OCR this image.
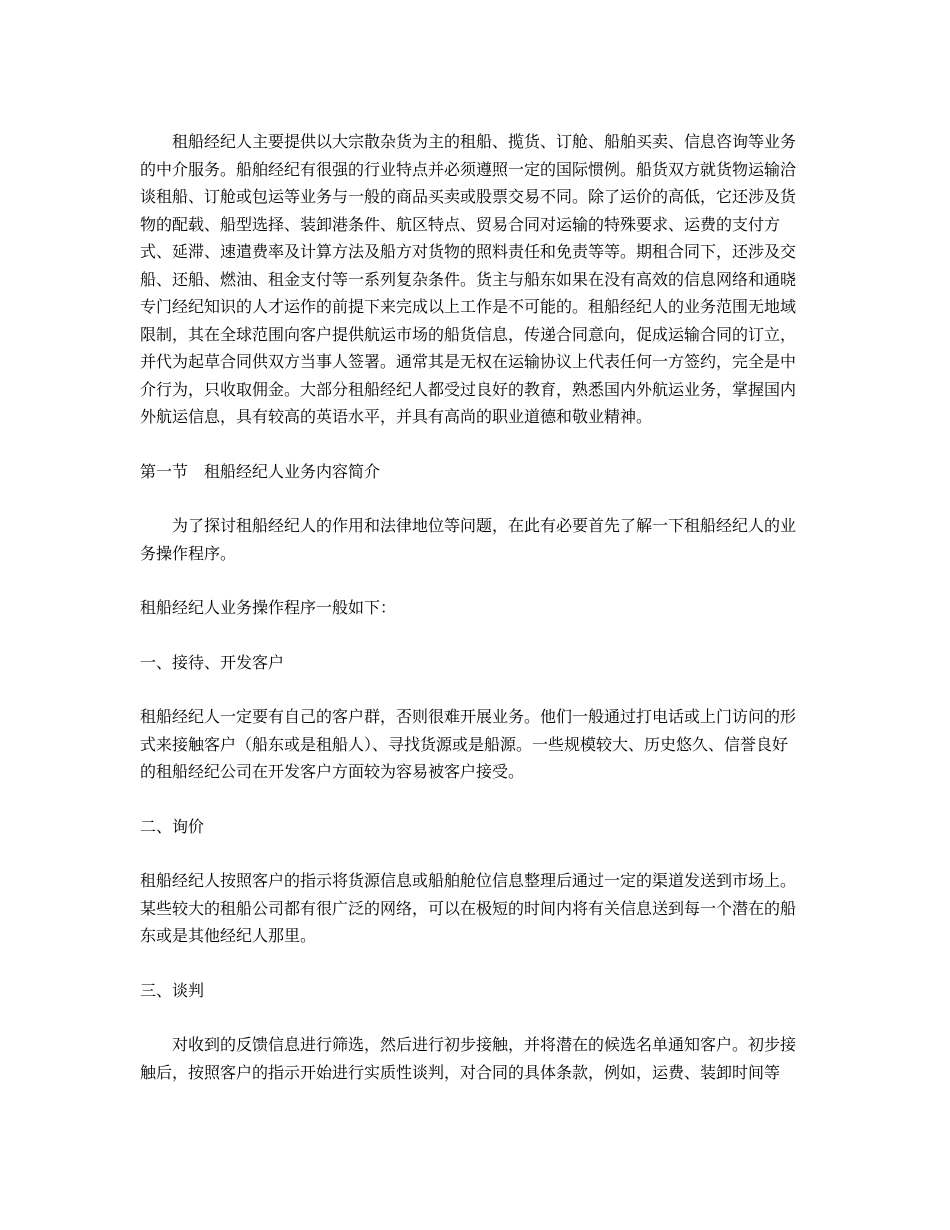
租船经纪人主要提供以大宗散杂货为主的租船、揽货、订舱、船舶买卖、信息咨询等业务
的中介服务。船舶经纪有很强的行业特点并必须遵照一定的国际惯例。船货双方就货物运输洽
谈租船、订舱或包运等业务与一般的商品买卖或股票交易不同。除了运价的高低，它还涉及货
物的配载、船型选择、装卸港条件、航区特点、贸易合同对运输的特殊要求、运费的支付方
式、延滞、速遣费率及计算方法及船方对货物的照料责任和免责等等。期租合同下，还涉及交
船、还船、燃油、租金支付等一系列复杂条件。货主与船东如果在没有高效的信息网络和通晓
专门经纪知识的人才运作的前提下来完成以上工作是不可能的。租船经纪人的业务范围无地域
限制，其在全球范围向客户提供航运市场的船货信息，传递合同意向，促成运输合同的订立，
并代为起草合同供双方当事人签署。通常其是无权在运输协议上代表任何一方签约，完全是中
介行为，只收取佣金。大部分租船经纪人都受过良好的教育，熟悉国内外航运业务，掌握国内
外航运信息，具有较高的英语水平，并具有高尚的职业道德和敬业精神。
第一节　租船经纪人业务内容简介
为了探讨租船经纪人的作用和法律地位等问题，在此有必要首先了解一下租船经纪人的业
务操作程序。
租船经纪人业务操作程序一般如下：
一、接待、开发客户
租船经纪人一定要有自己的客户群，否则很难开展业务。他们一般通过打电话或上门访问的形
式来接触客户（船东或是租船人）、寻找货源或是船源。一些规模较大、历史悠久、信誉良好
的租船经纪公司在开发客户方面较为容易被客户接受。
二、询价
租船经纪人按照客户的指示将货源信息或船舶舱位信息整理后通过一定的渠道发送到市场上。
某些较大的租船公司都有很广泛的网络，可以在极短的时间内将有关信息送到每一个潜在的船
东或是其他经纪人那里。
三、谈判
对收到的反馈信息进行筛选，然后进行初步接触，并将潜在的候选名单通知客户。初步接
触后，按照客户的指示开始进行实质性谈判，对合同的具体条款，例如，运费、装卸时间等
